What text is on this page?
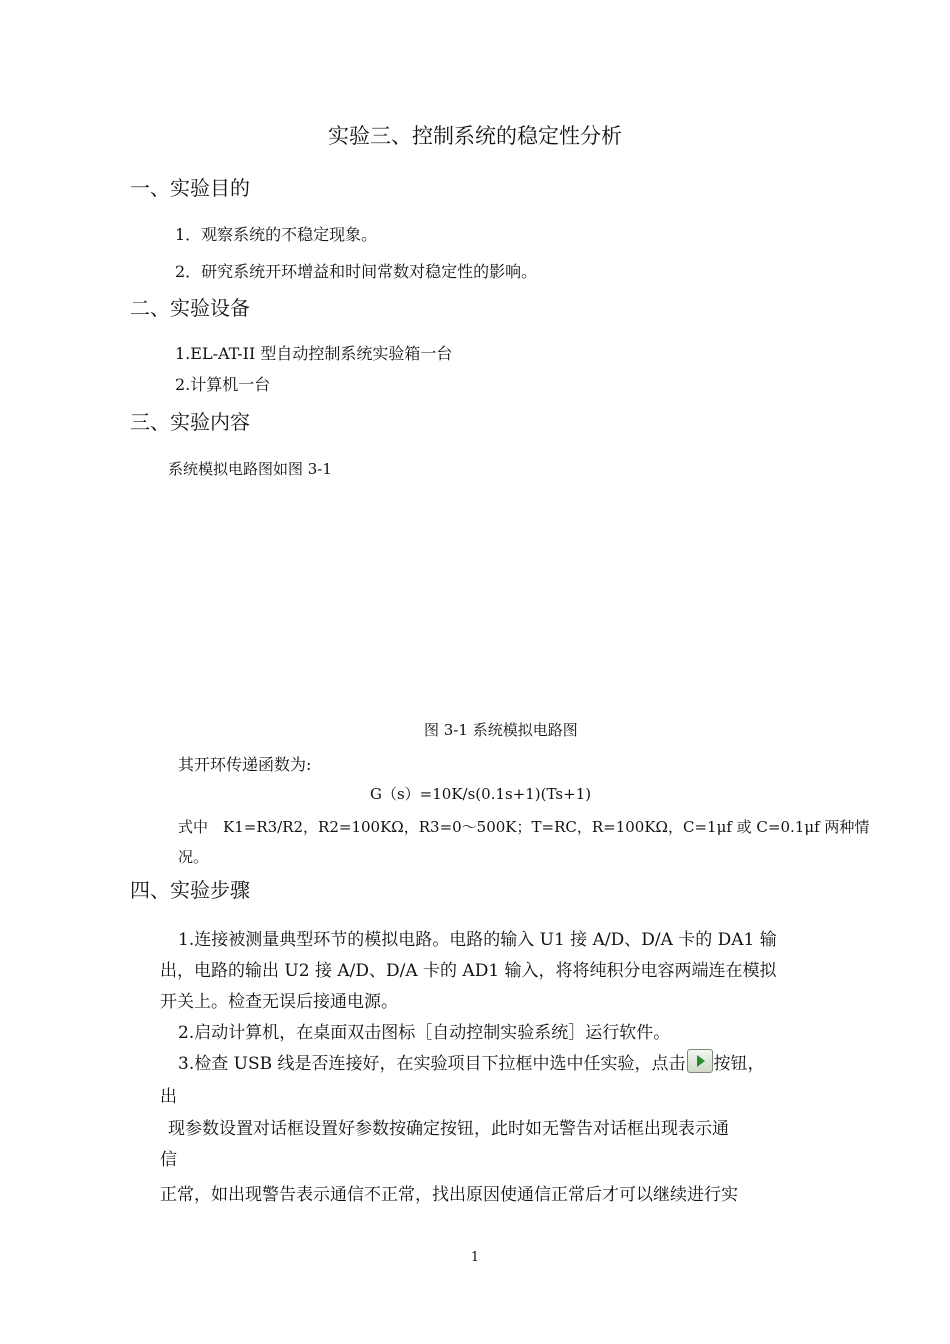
实验三、控制系统的稳定性分析
一、实验目的
1．观察系统的不稳定现象。
2．研究系统开环增益和时间常数对稳定性的影响。
二、实验设备
1.EL-AT-II 型自动控制系统实验箱一台
2.计算机一台
三、实验内容
系统模拟电路图如图 3-1
图 3-1 系统模拟电路图
其开环传递函数为:
G（s）=10K/s(0.1s+1)(Ts+1)
式中　K1=R3/R2，R2=100KΩ，R3=0～500K；T=RC，R=100KΩ，C=1μf 或 C=0.1μf 两种情
况。
四、实验步骤
1.连接被测量典型环节的模拟电路。电路的输入 U1 接 A/D、D/A 卡的 DA1 输
出，电路的输出 U2 接 A/D、D/A 卡的 AD1 输入，将将纯积分电容两端连在模拟
开关上。检查无误后接通电源。
2.启动计算机，在桌面双击图标［自动控制实验系统］运行软件。
3.检查 USB 线是否连接好，在实验项目下拉框中选中任实验，点击 按钮，
出
现参数设置对话框设置好参数按确定按钮，此时如无警告对话框出现表示通
信
正常，如出现警告表示通信不正常，找出原因使通信正常后才可以继续进行实
1
